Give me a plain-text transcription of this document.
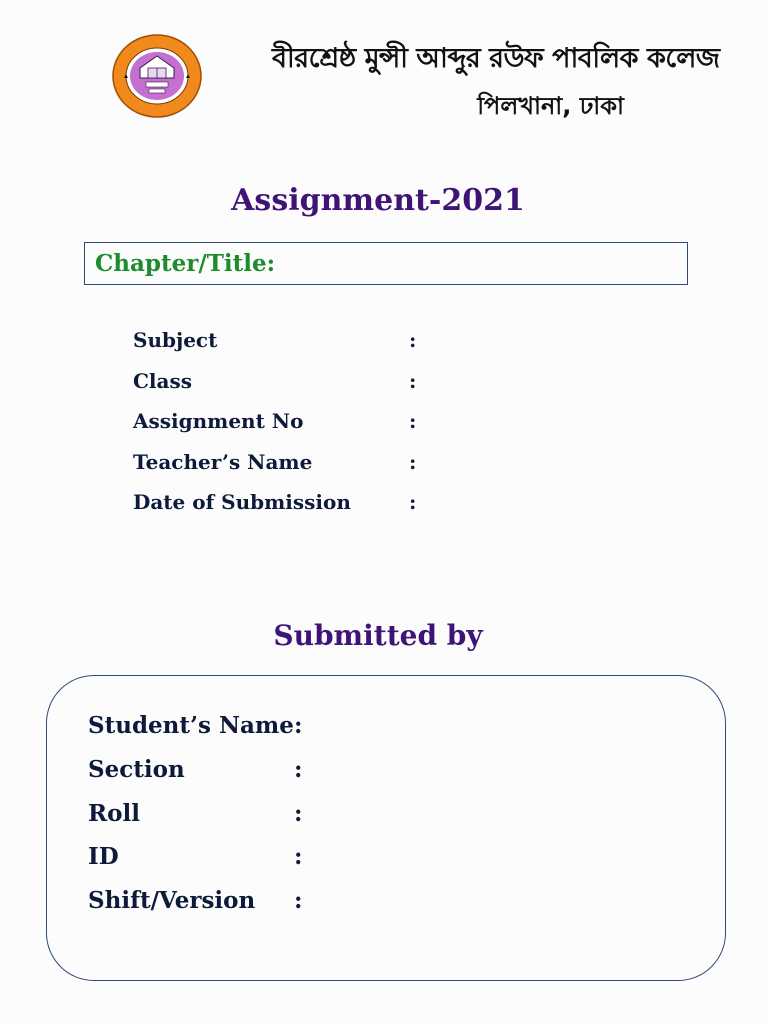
বীরশ্রেষ্ঠ মুন্সী আব্দুর রউফ পাবলিক কলেজ
পিলখানা, ঢাকা
Assignment-2021
Chapter/Title:
Subject	:
Class	:
Assignment No	:
Teacher’s Name	:
Date of Submission	:
Submitted by
Student’s Name :
Section	:
Roll	:
ID	:
Shift/Version :
